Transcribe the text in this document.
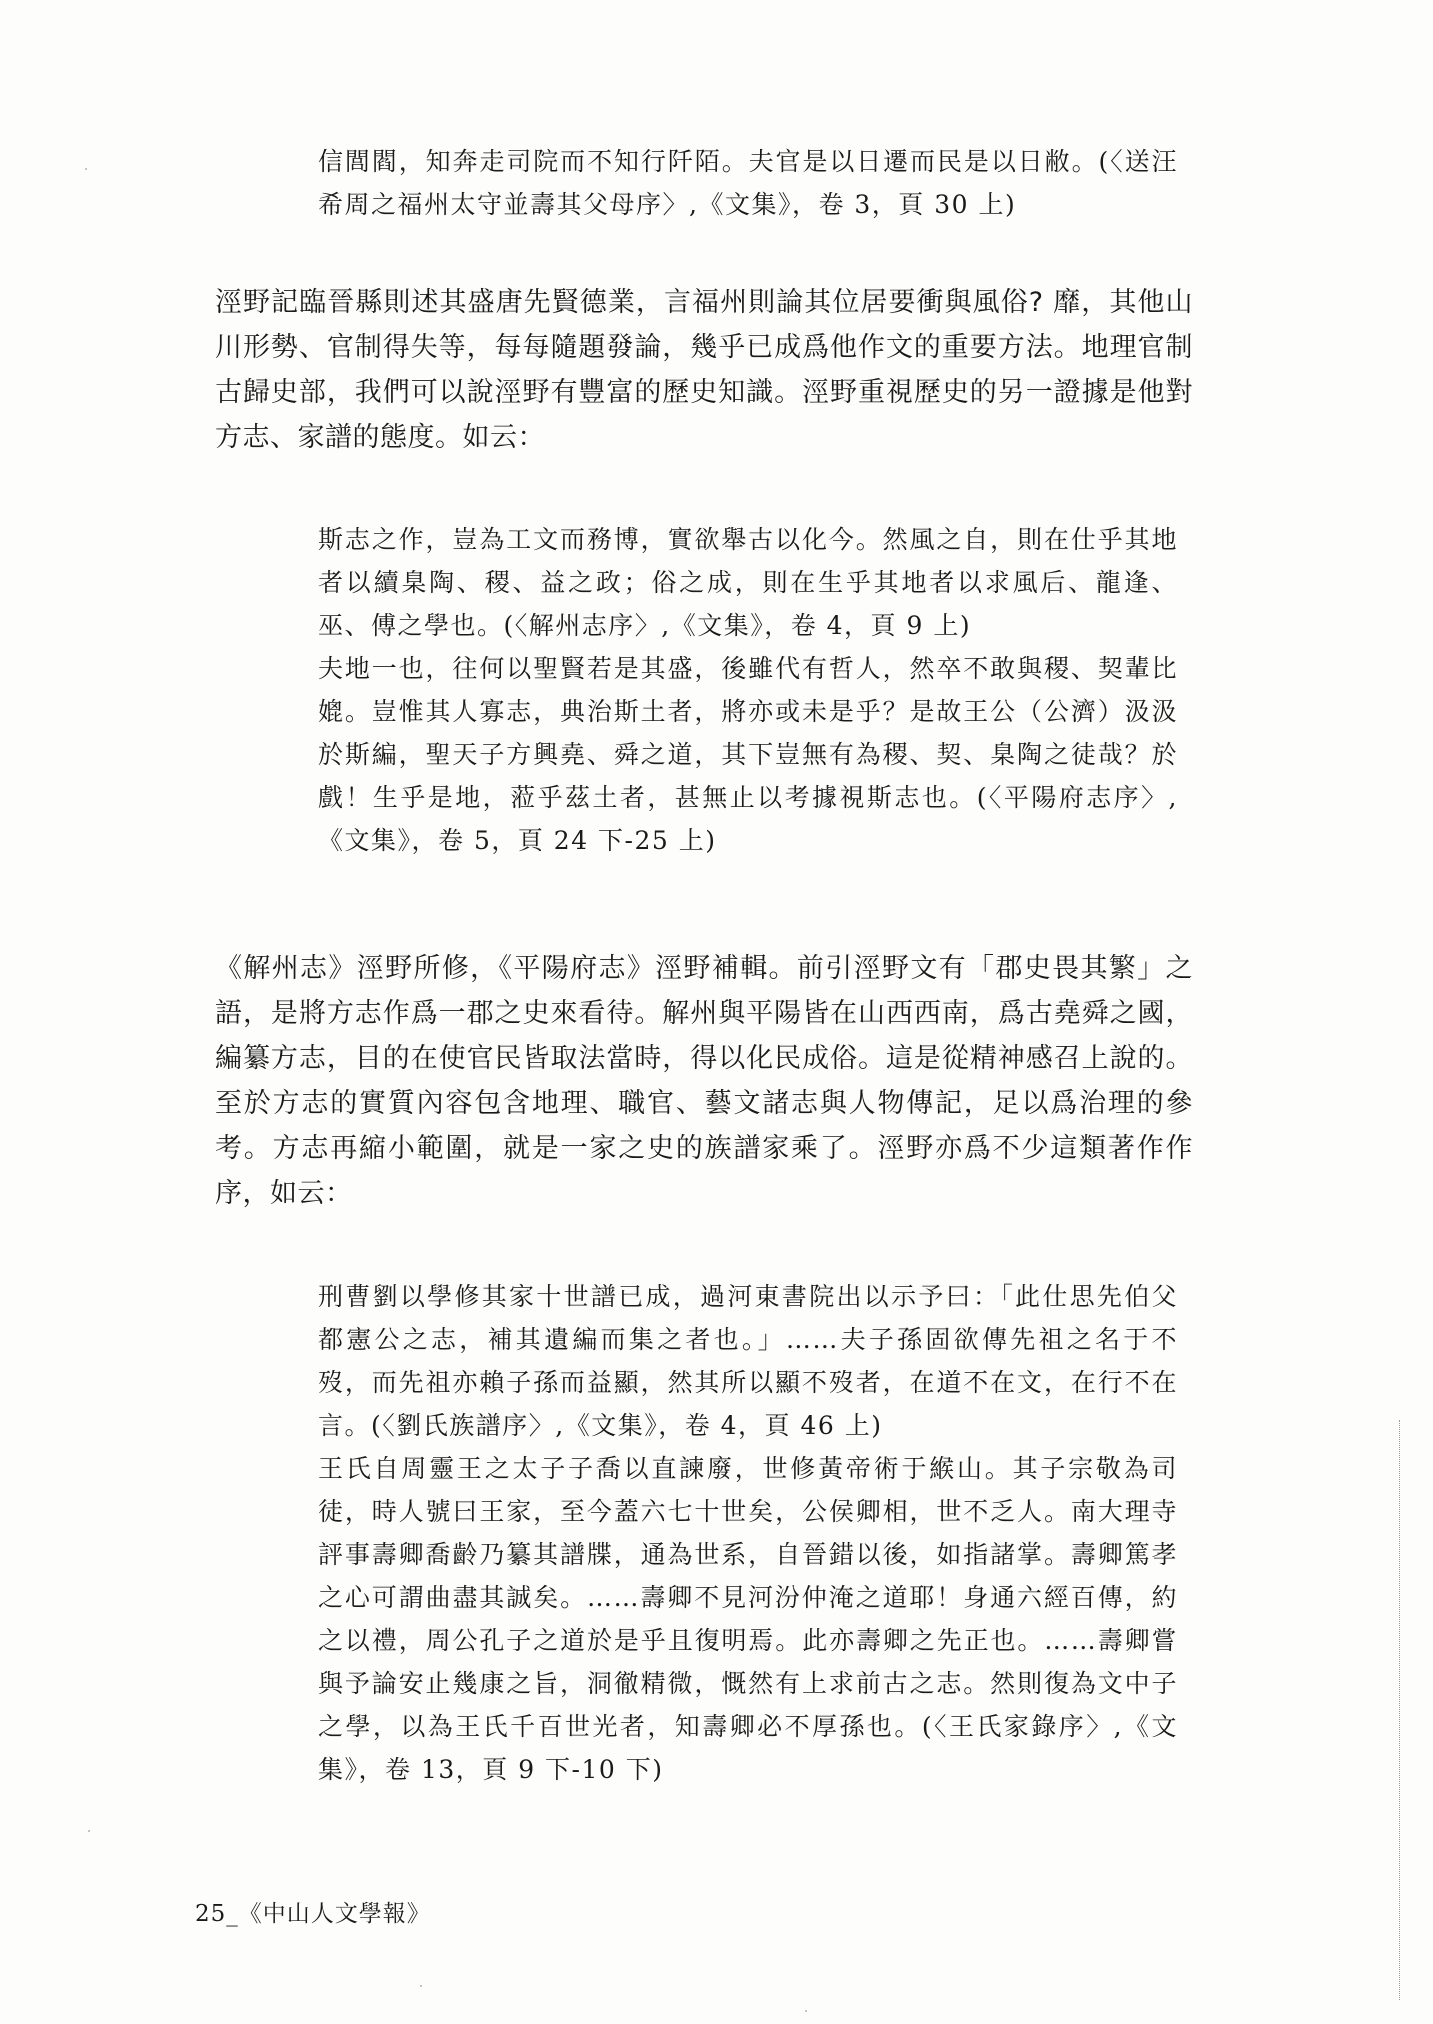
信閭閻，知奔走司院而不知行阡陌。夫官是以日遷而民是以日敝。(〈送汪希周之福州太守並壽其父母序〉,《文集》，卷 3，頁 30 上)

涇野記臨晉縣則述其盛唐先賢德業，言福州則論其位居要衝與風俗? 靡，其他山川形勢、官制得失等，每每隨題發論，幾乎已成爲他作文的重要方法。地理官制古歸史部，我們可以說涇野有豐富的歷史知識。涇野重視歷史的另一證據是他對方志、家譜的態度。如云：

斯志之作，豈為工文而務博，實欲舉古以化今。然風之自，則在仕乎其地者以續臬陶、稷、益之政；俗之成，則在生乎其地者以求風后、龍逢、巫、傅之學也。(〈解州志序〉,《文集》，卷 4，頁 9 上)

夫地一也，往何以聖賢若是其盛，後雖代有哲人，然卒不敢與稷、契輩比媲。豈惟其人寡志，典治斯土者，將亦或未是乎？是故王公（公濟）汲汲於斯編，聖天子方興堯、舜之道，其下豈無有為稷、契、臬陶之徒哉？於戲！生乎是地，蒞乎茲土者，甚無止以考據視斯志也。(〈平陽府志序〉,《文集》，卷 5，頁 24 下-25 上)

《解州志》涇野所修，《平陽府志》涇野補輯。前引涇野文有「郡史畏其繁」之語，是將方志作爲一郡之史來看待。解州與平陽皆在山西西南，爲古堯舜之國，編纂方志，目的在使官民皆取法當時，得以化民成俗。這是從精神感召上說的。至於方志的實質內容包含地理、職官、藝文諸志與人物傳記，足以爲治理的參考。方志再縮小範圍，就是一家之史的族譜家乘了。涇野亦爲不少這類著作作序，如云：

刑曹劉以學修其家十世譜已成，過河東書院出以示予曰：「此仕思先伯父都憲公之志，補其遺編而集之者也。」……夫子孫固欲傳先祖之名于不歿，而先祖亦賴子孫而益顯，然其所以顯不歿者，在道不在文，在行不在言。(〈劉氏族譜序〉,《文集》，卷 4，頁 46 上)

王氏自周靈王之太子子喬以直諫廢，世修黃帝術于緱山。其子宗敬為司徒，時人號曰王家，至今蓋六七十世矣，公侯卿相，世不乏人。南大理寺評事壽卿喬齡乃纂其譜牒，通為世系，自晉錯以後，如指諸掌。壽卿篤孝之心可謂曲盡其誠矣。……壽卿不見河汾仲淹之道耶！身通六經百傳，約之以禮，周公孔子之道於是乎且復明焉。此亦壽卿之先正也。……壽卿嘗與予論安止幾康之旨，洞徹精微，慨然有上求前古之志。然則復為文中子之學，以為王氏千百世光者，知壽卿必不厚孫也。(〈王氏家錄序〉,《文集》，卷 13，頁 9 下-10 下)

25_《中山人文學報》
